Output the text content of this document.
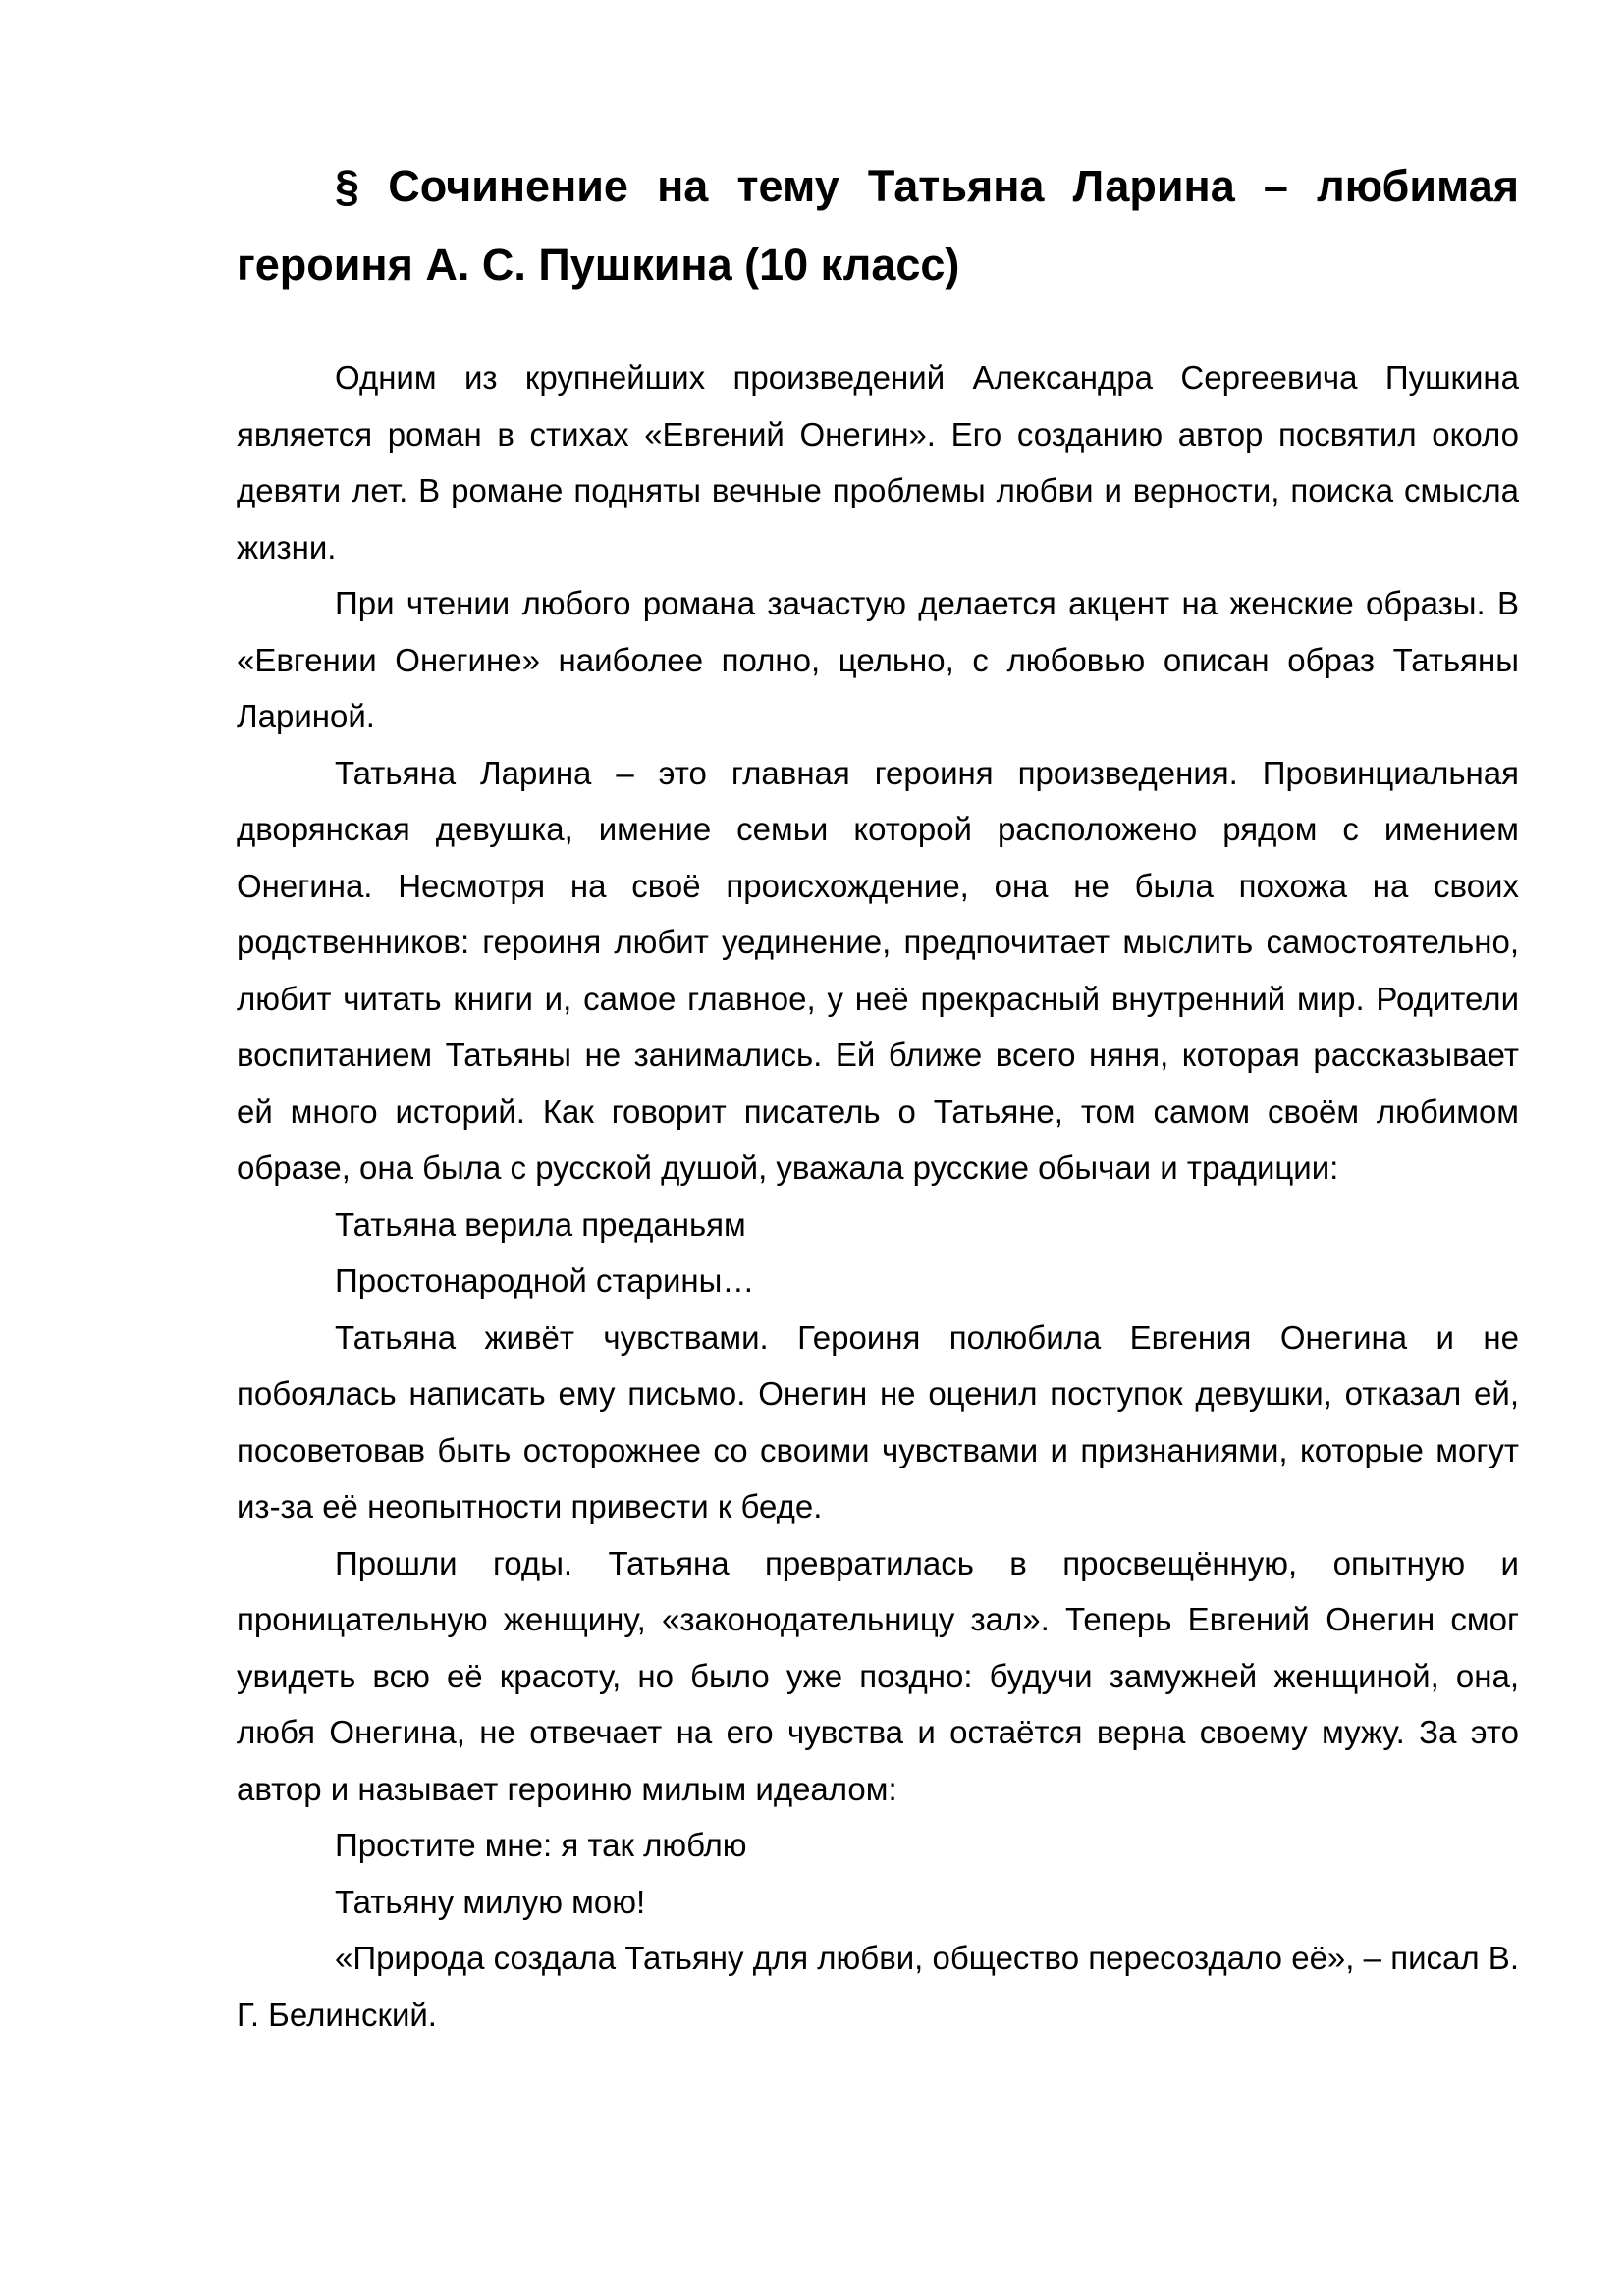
§ Сочинение на тему Татьяна Ларина – любимая героиня А. С. Пушкина (10 класс)

Одним из крупнейших произведений Александра Сергеевича Пушкина является роман в стихах «Евгений Онегин». Его созданию автор посвятил около девяти лет. В романе подняты вечные проблемы любви и верности, поиска смысла жизни.

При чтении любого романа зачастую делается акцент на женские образы. В «Евгении Онегине» наиболее полно, цельно, с любовью описан образ Татьяны Лариной.

Татьяна Ларина – это главная героиня произведения. Провинциальная дворянская девушка, имение семьи которой расположено рядом с имением Онегина. Несмотря на своё происхождение, она не была похожа на своих родственников: героиня любит уединение, предпочитает мыслить самостоятельно, любит читать книги и, самое главное, у неё прекрасный внутренний мир. Родители воспитанием Татьяны не занимались. Ей ближе всего няня, которая рассказывает ей много историй. Как говорит писатель о Татьяне, том самом своём любимом образе, она была с русской душой, уважала русские обычаи и традиции:

Татьяна верила преданьям

Простонародной старины…

Татьяна живёт чувствами. Героиня полюбила Евгения Онегина и не побоялась написать ему письмо. Онегин не оценил поступок девушки, отказал ей, посоветовав быть осторожнее со своими чувствами и признаниями, которые могут из-за её неопытности привести к беде.

Прошли годы. Татьяна превратилась в просвещённую, опытную и проницательную женщину, «законодательницу зал». Теперь Евгений Онегин смог увидеть всю её красоту, но было уже поздно: будучи замужней женщиной, она, любя Онегина, не отвечает на его чувства и остаётся верна своему мужу. За это автор и называет героиню милым идеалом:

Простите мне: я так люблю

Татьяну милую мою!

«Природа создала Татьяну для любви, общество пересоздало её», – писал В. Г. Белинский.
